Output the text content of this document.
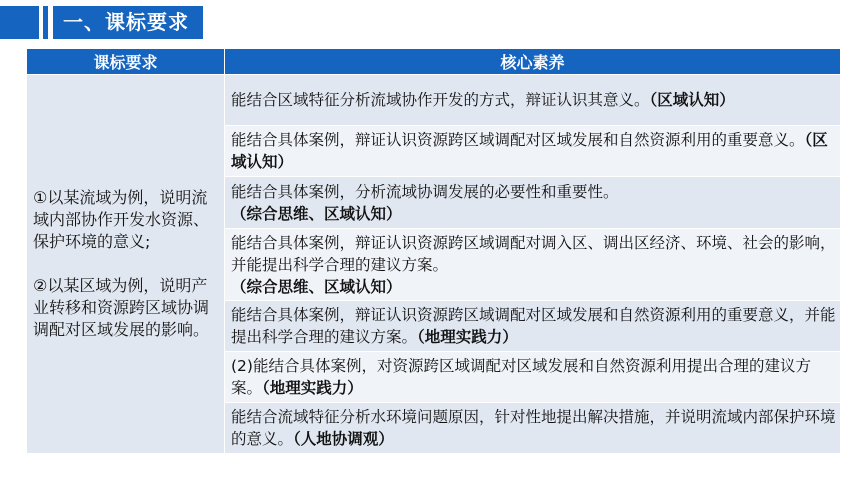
一、课标要求
课标要求	核心素养

①以某流域为例，说明流域内部协作开发水资源、保护环境的意义;

②以某区域为例，说明产业转移和资源跨区域协调调配对区域发展的影响。	能结合区域特征分析流域协作开发的方式，辩证认识其意义。（区域认知）
	能结合具体案例，辩证认识资源跨区域调配对区域发展和自然资源利用的重要意义。（区域认知）
	能结合具体案例，分析流域协调发展的必要性和重要性。
（综合思维、区域认知）
	能结合具体案例，辩证认识资源跨区域调配对调入区、调出区经济、环境、社会的影响，并能提出科学合理的建议方案。
（综合思维、区域认知）
	能结合具体案例，辩证认识资源跨区域调配对区域发展和自然资源利用的重要意义，并能提出科学合理的建议方案。（地理实践力）
	(2)能结合具体案例，对资源跨区域调配对区域发展和自然资源利用提出合理的建议方案。（地理实践力）
	能结合流域特征分析水环境问题原因，针对性地提出解决措施，并说明流域内部保护环境的意义。（人地协调观）
